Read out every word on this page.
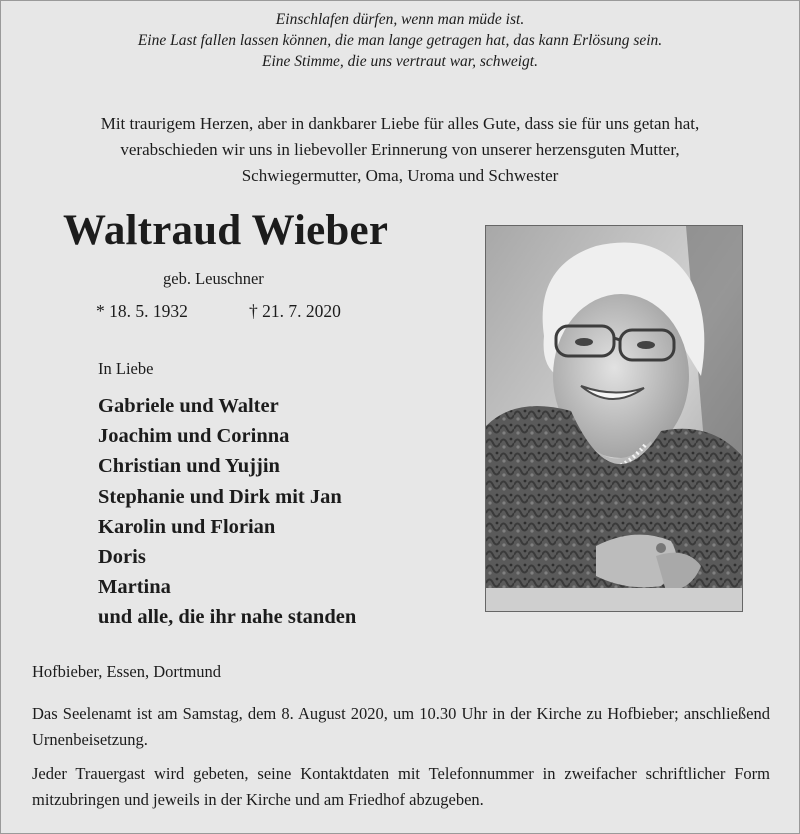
Einschlafen dürfen, wenn man müde ist.
Eine Last fallen lassen können, die man lange getragen hat, das kann Erlösung sein.
Eine Stimme, die uns vertraut war, schweigt.
Mit traurigem Herzen, aber in dankbarer Liebe für alles Gute, dass sie für uns getan hat,
verabschieden wir uns in liebevoller Erinnerung von unserer herzensguten Mutter,
Schwiegermutter, Oma, Uroma und Schwester
Waltraud Wieber
geb. Leuschner
* 18. 5. 1932	† 21. 7. 2020
In Liebe
Gabriele und Walter
Joachim und Corinna
Christian und Yujjin
Stephanie und Dirk mit Jan
Karolin und Florian
Doris
Martina
und alle, die ihr nahe standen
Hofbieber, Essen, Dortmund

Das Seelenamt ist am Samstag, dem 8. August 2020, um 10.30 Uhr in der Kirche zu Hofbieber; anschließend Urnenbeisetzung.

Jeder Trauergast wird gebeten, seine Kontaktdaten mit Telefonnummer in zweifacher schriftlicher Form mitzubringen und jeweils in der Kirche und am Friedhof abzugeben.
